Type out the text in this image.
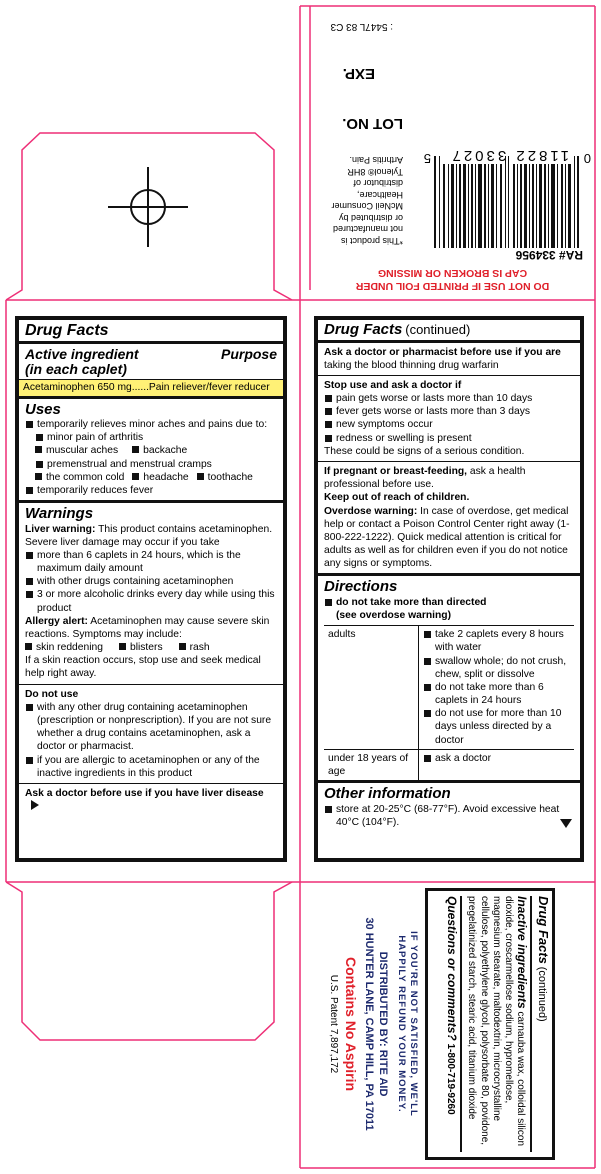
DO NOT USE IF PRINTED FOIL UNDER
CAP IS BROKEN OR MISSING
RA# 334956
0
11822 33027
5
*This product is
not manufactured
or distributed by
McNeil Consumer
Healthcare,
distributor of
Tylenol® 8HR
Arthritis Pain.
LOT NO.
EXP.
: 5447L 83 C3
Drug Facts
Active ingredient
(in each caplet)
Purpose
Acetaminophen 650 mg......Pain reliever/fever reducer
Uses
temporarily relieves minor aches and pains due to:
minor pain of arthritis
muscular aches backache
premenstrual and menstrual cramps
the common cold headache toothache
temporarily reduces fever
Warnings
Liver warning: This product contains acetaminophen. Severe liver damage may occur if you take
more than 6 caplets in 24 hours, which is the maximum daily amount
with other drugs containing acetaminophen
3 or more alcoholic drinks every day while using this product
Allergy alert: Acetaminophen may cause severe skin reactions. Symptoms may include:
skin reddening	blisters	rash
If a skin reaction occurs, stop use and seek medical help right away.
Do not use
with any other drug containing acetaminophen (prescription or nonprescription). If you are not sure whether a drug contains acetaminophen, ask a doctor or pharmacist.
if you are allergic to acetaminophen or any of the inactive ingredients in this product
Ask a doctor before use if you have liver disease
Drug Facts (continued)
Ask a doctor or pharmacist before use if you are
taking the blood thinning drug warfarin
Stop use and ask a doctor if
pain gets worse or lasts more than 10 days
fever gets worse or lasts more than 3 days
new symptoms occur
redness or swelling is present
These could be signs of a serious condition.
If pregnant or breast-feeding, ask a health professional before use.
Keep out of reach of children.
Overdose warning: In case of overdose, get medical help or contact a Poison Control Center right away (1-800-222-1222). Quick medical attention is critical for adults as well as for children even if you do not notice any signs or symptoms.
Directions
do not take more than directed
(see overdose warning)
adults	take 2 caplets every 8 hours with water
swallow whole; do not crush, chew, split or dissolve
do not take more than 6 caplets in 24 hours
do not use for more than 10 days unless directed by a doctor

under 18 years of age	ask a doctor
Other information
store at 20-25°C (68-77°F). Avoid excessive heat 40°C (104°F).
Drug Facts (continued)
Inactive ingredients carnauba wax, colloidal silicon dioxide, croscarmellose sodium, hypromellose, magnesium stearate, maltodextrin, microcrystalline cellulose, polyethylene glycol, polysorbate 80, povidone, pregelatinized starch, stearic acid, titanium dioxide
Questions or comments? 1-800-719-9260
IF YOU'RE NOT SATISFIED, WE'LL
HAPPILY REFUND YOUR MONEY.
DISTRIBUTED BY: RITE AID
30 HUNTER LANE, CAMP HILL, PA 17011
Contains No Aspirin
U.S. Patent 7,897,172
